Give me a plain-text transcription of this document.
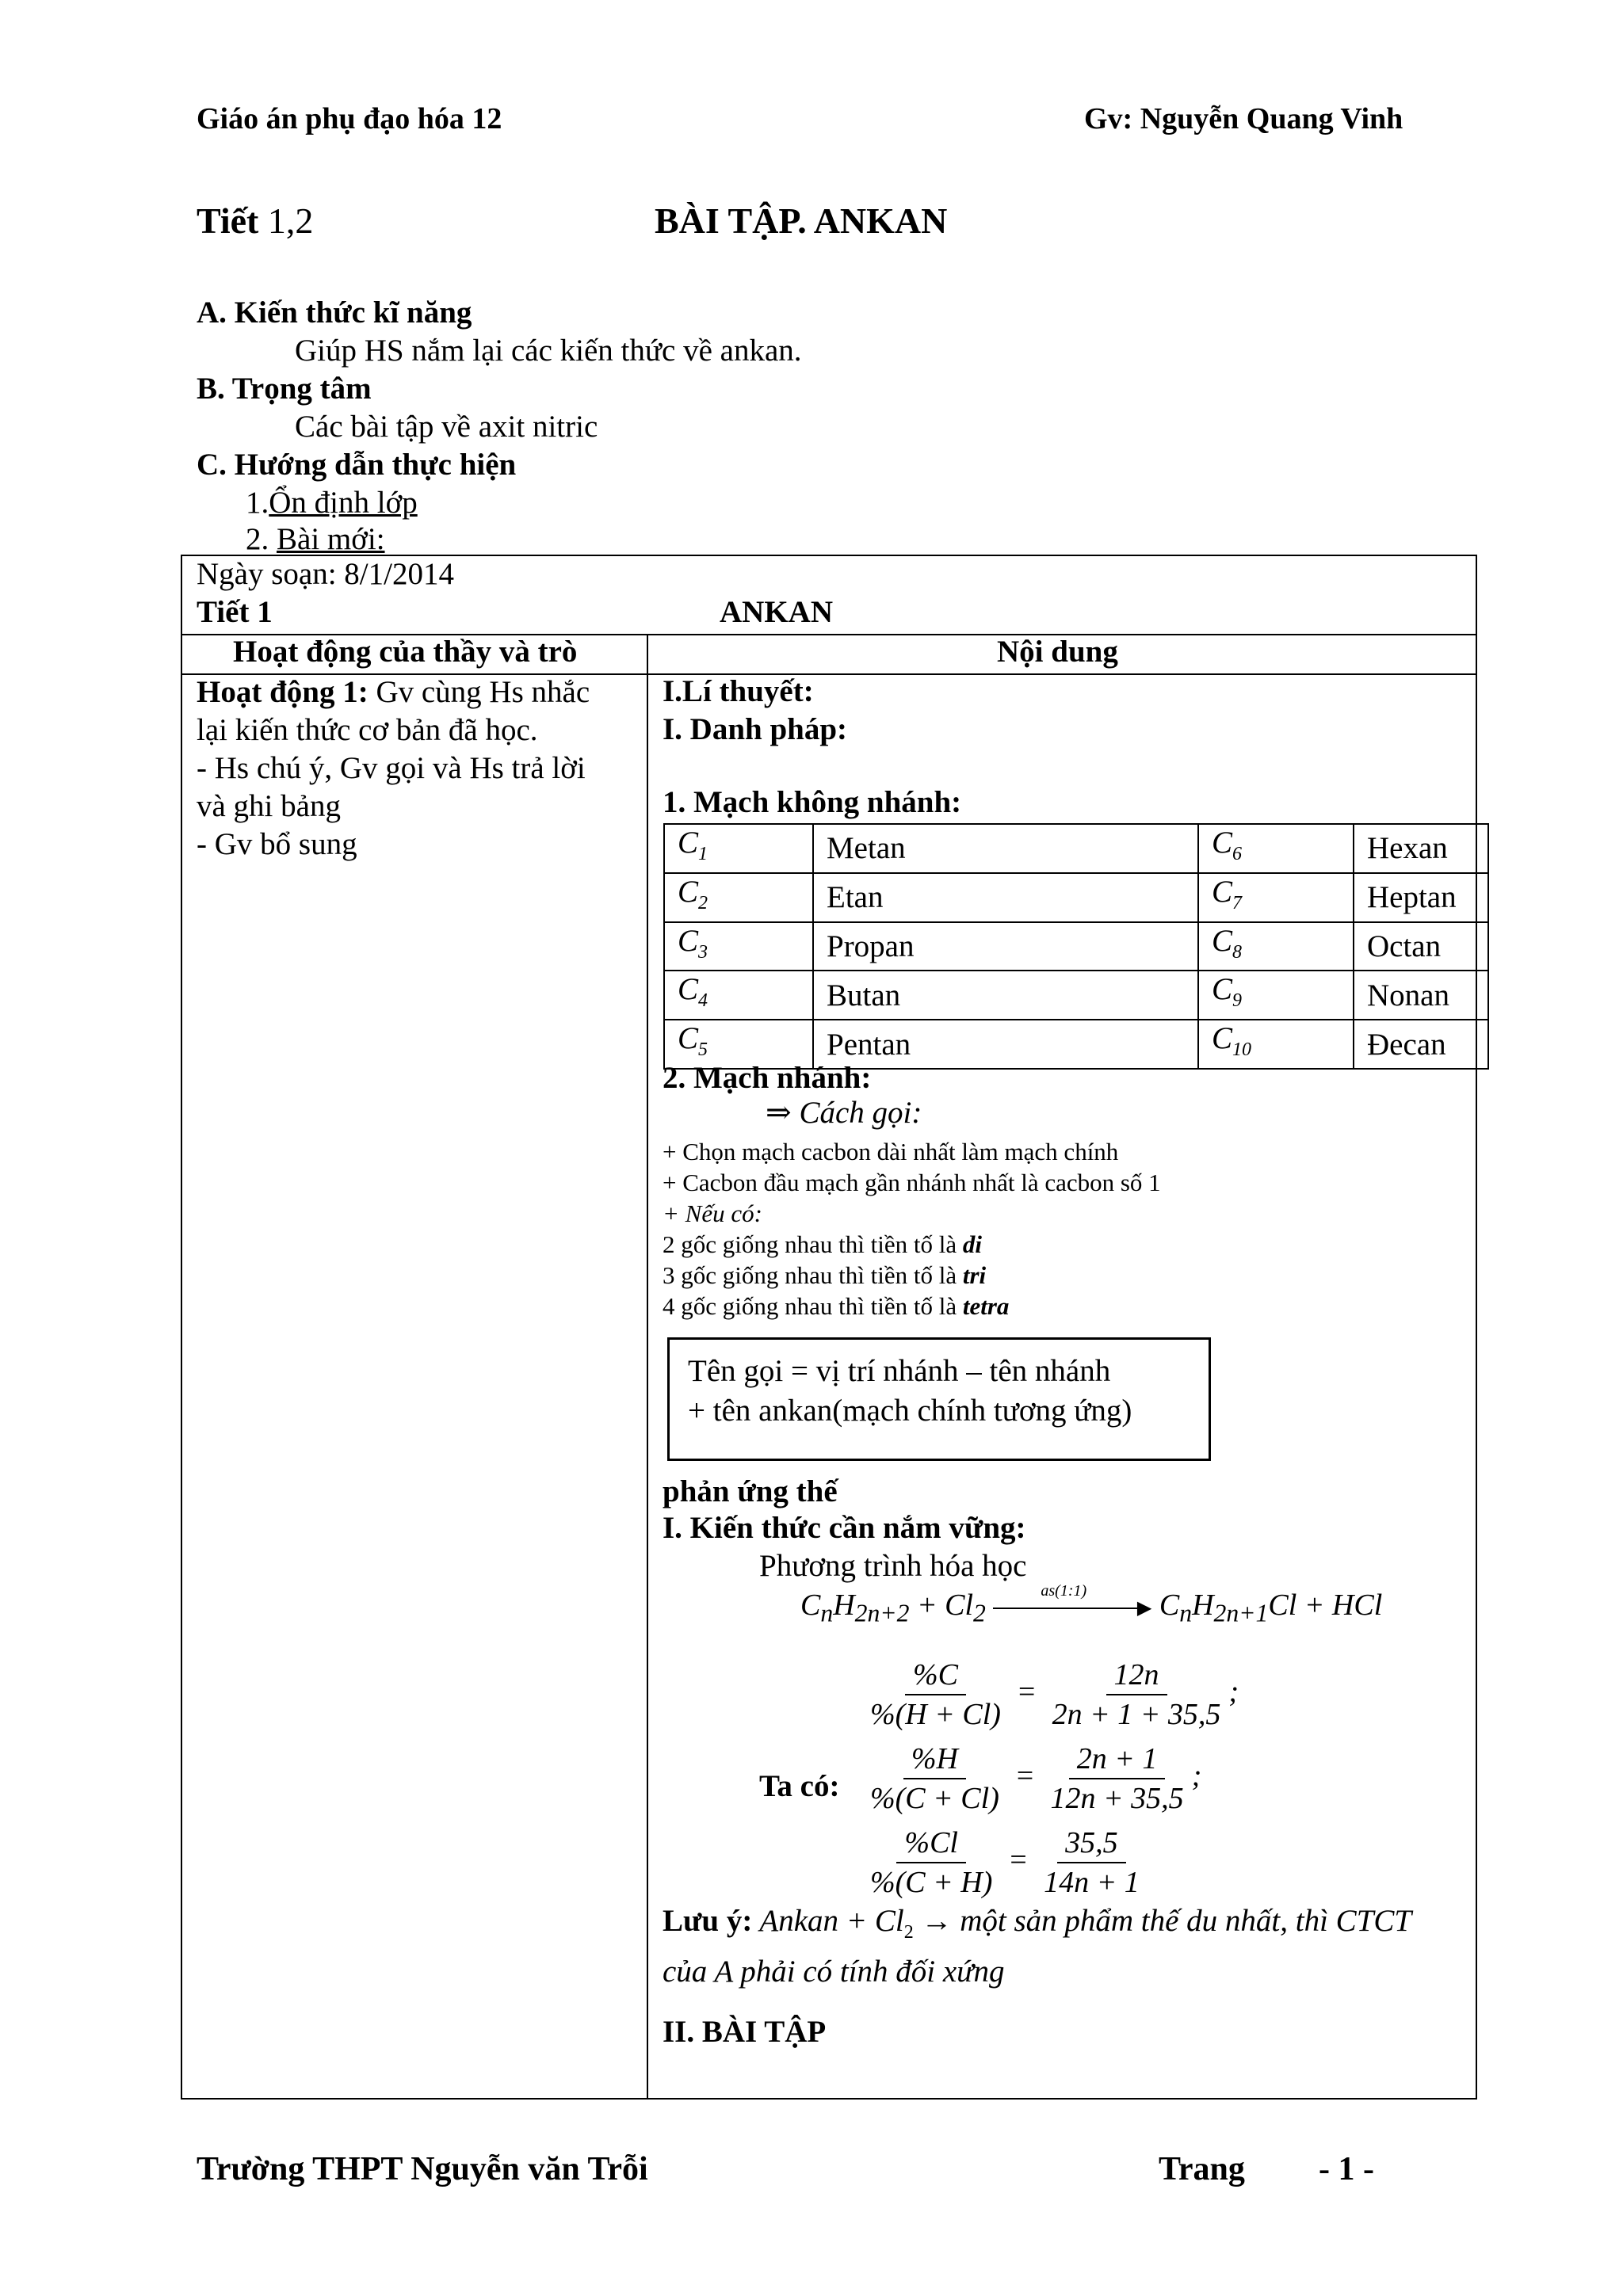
Giáo án phụ đạo hóa 12	Gv: Nguyễn Quang Vinh
Tiết 1,2	BÀI TẬP. ANKAN
A. Kiến thức kĩ năng
Giúp HS nắm lại các kiến thức về ankan.
B. Trọng tâm
Các bài tập về axit nitric
C. Hướng dẫn thực hiện
1.Ổn định lớp
2. Bài mới:
Ngày soạn: 8/1/2014
Tiết 1	ANKAN
Hoạt động của thầy và trò	Nội dung
Hoạt động 1: Gv cùng Hs nhắc
lại kiến thức cơ bản đã học.
- Hs chú ý, Gv gọi và Hs trả lời
và ghi bảng
- Gv bổ sung
I.Lí thuyết:
I. Danh pháp:
1. Mạch không nhánh:
$C_1$	Metan	$C_6$	Hexan
$C_2$	Etan	$C_7$	Heptan
$C_3$	Propan	$C_8$	Octan
$C_4$	Butan	$C_9$	Nonan
$C_5$	Pentan	$C_{10}$	Đecan
2. Mạch nhánh:
⇒ Cách gọi:
+ Chọn mạch cacbon dài nhất làm mạch chính
+ Cacbon đầu mạch gần nhánh nhất là cacbon số 1
+ Nếu có:
2 gốc giống nhau thì tiền tố là di
3 gốc giống nhau thì tiền tố là tri
4 gốc giống nhau thì tiền tố là tetra
Tên gọi = vị trí nhánh – tên nhánh
+ tên ankan(mạch chính tương ứng)
phản ứng thế
I. Kiến thức cần nắm vững:
Phương trình hóa học
$C_nH_{2n+2} + Cl_2$
as(1:1)
▶ $C_nH_{2n+1}Cl$ + HCl
$\frac{\%C}{\%(H + Cl)} = \frac{12n}{2n + 1 + 35,5}$ ;
Ta có: $\frac{\%H}{\%(C + Cl)} = \frac{2n + 1}{12n + 35,5}$ ;
$\frac{\%Cl}{\%(C + H)} = \frac{35,5}{14n + 1}$
Lưu ý: Ankan + $Cl_2$ → một sản phẩm thế du nhất, thì CTCT
của A phải có tính đối xứng
II. BÀI TẬP
Trường THPT Nguyễn văn Trỗi	Trang - 1 -
